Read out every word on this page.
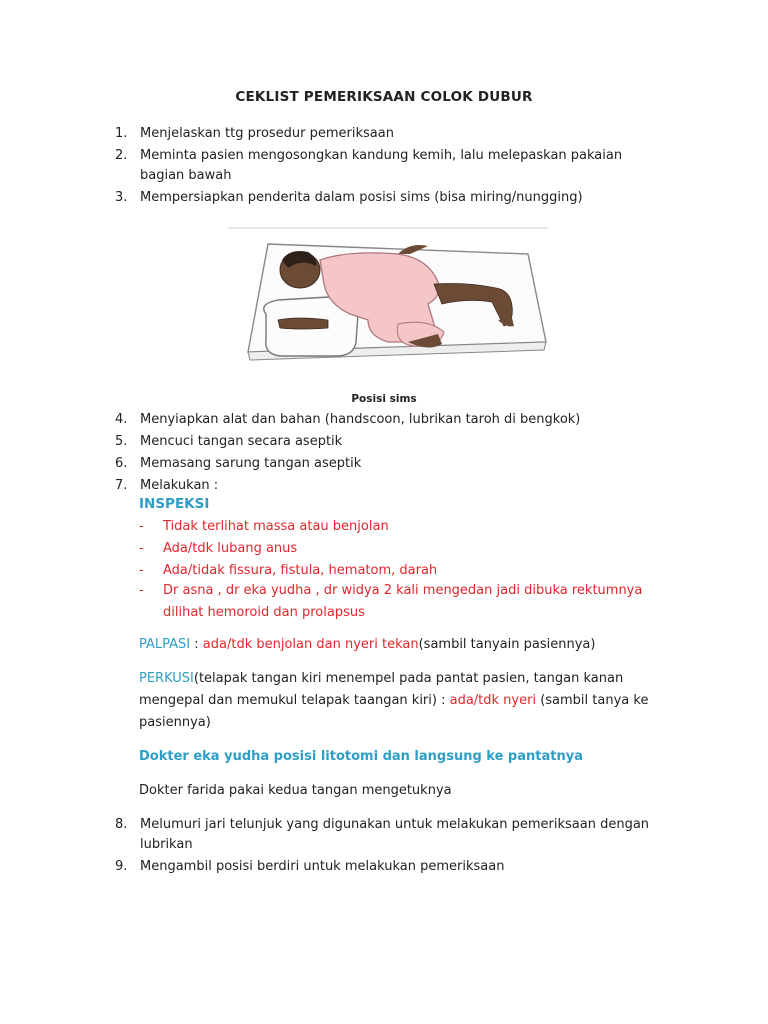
CEKLIST PEMERIKSAAN COLOK DUBUR
1. Menjelaskan ttg prosedur pemeriksaan
2. Meminta pasien mengosongkan kandung kemih, lalu melepaskan pakaian bagian bawah
3. Mempersiapkan penderita dalam posisi sims (bisa miring/nungging)
Posisi sims
4. Menyiapkan alat dan bahan (handscoon, lubrikan taroh di bengkok)
5. Mencuci tangan secara aseptik
6. Memasang sarung tangan aseptik
7. Melakukan :
INSPEKSI
- Tidak terlihat massa atau benjolan
- Ada/tdk lubang anus
- Ada/tidak fissura, fistula, hematom, darah
- Dr asna , dr eka yudha , dr widya 2 kali mengedan jadi dibuka rektumnya dilihat hemoroid dan prolapsus
PALPASI : ada/tdk benjolan dan nyeri tekan(sambil tanyain pasiennya)
PERKUSI(telapak tangan kiri menempel pada pantat pasien, tangan kanan mengepal dan memukul telapak taangan kiri) : ada/tdk nyeri (sambil tanya ke pasiennya)
Dokter eka yudha posisi litotomi dan langsung ke pantatnya
Dokter farida pakai kedua tangan mengetuknya
8. Melumuri jari telunjuk yang digunakan untuk melakukan pemeriksaan dengan lubrikan
9. Mengambil posisi berdiri untuk melakukan pemeriksaan
